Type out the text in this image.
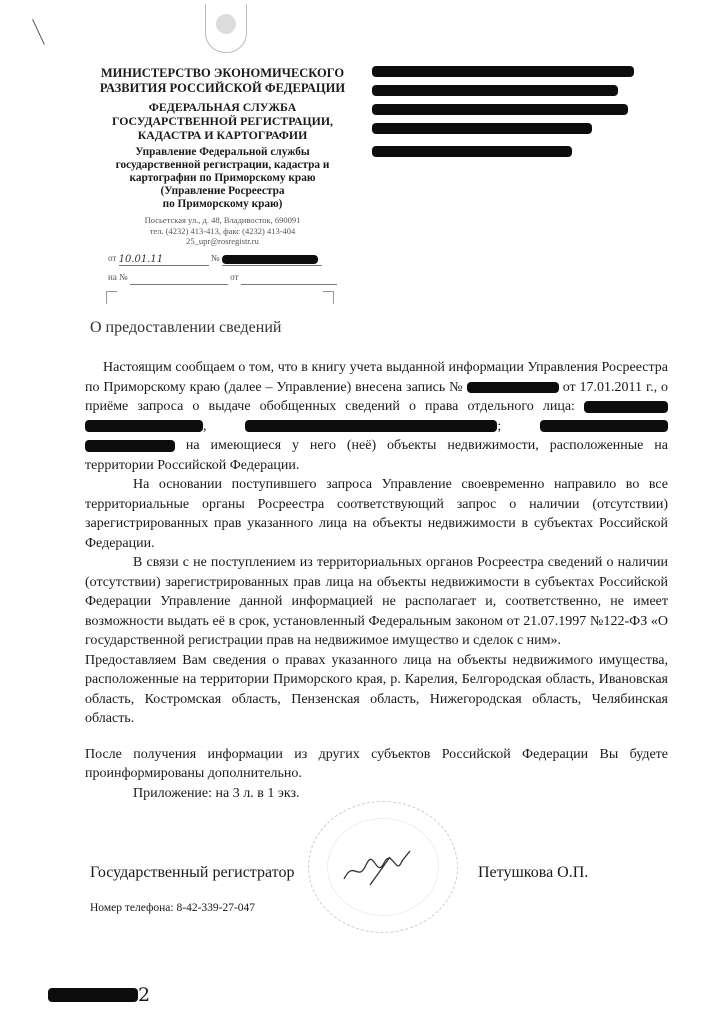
МИНИСТЕРСТВО ЭКОНОМИЧЕСКОГО
РАЗВИТИЯ РОССИЙСКОЙ ФЕДЕРАЦИИ
ФЕДЕРАЛЬНАЯ СЛУЖБА
ГОСУДАРСТВЕННОЙ РЕГИСТРАЦИИ,
КАДАСТРА И КАРТОГРАФИИ
Управление Федеральной службы
государственной регистрации, кадастра и
картографии по Приморскому краю
(Управление Росреестра
по Приморскому краю)
Посьетская ул., д. 48, Владивосток, 690091
тел. (4232) 413-413, факс (4232) 413-404
25_upr@rosregistr.ru
от 10.01.11	№
на №	от

О предоставлении сведений

Настоящим сообщаем о том, что в книгу учета выданной информации Управления Росреестра по Приморскому краю (далее – Управление) внесена запись №	от 17.01.2011 г., о приёме запроса о выдаче обобщенных сведений о права отдельного лица:  ,	;   на имеющиеся у него (неё) объекты недвижимости, расположенные на территории Российской Федерации.

На основании поступившего запроса Управление своевременно направило во все территориальные органы Росреестра соответствующий запрос о наличии (отсутствии) зарегистрированных прав указанного лица на объекты недвижимости в субъектах Российской Федерации.

В связи с не поступлением из территориальных органов Росреестра сведений о наличии (отсутствии) зарегистрированных прав лица на объекты недвижимости в субъектах Российской Федерации Управление данной информацией не располагает и, соответственно, не имеет возможности выдать её в срок, установленный Федеральным законом от 21.07.1997 №122-ФЗ «О государственной регистрации прав на недвижимое имущество и сделок с ним».

Предоставляем Вам сведения о правах указанного лица на объекты недвижимого имущества, расположенные на территории Приморского края, р. Карелия, Белгородская область, Ивановская область, Костромская область, Пензенская область, Нижегородская область, Челябинская область.

После получения информации из других субъектов Российской Федерации Вы будете проинформированы дополнительно.

Приложение: на 3 л. в 1 экз.

Государственный регистратор	Петушкова О.П.
Номер телефона: 8-42-339-27-047
2
